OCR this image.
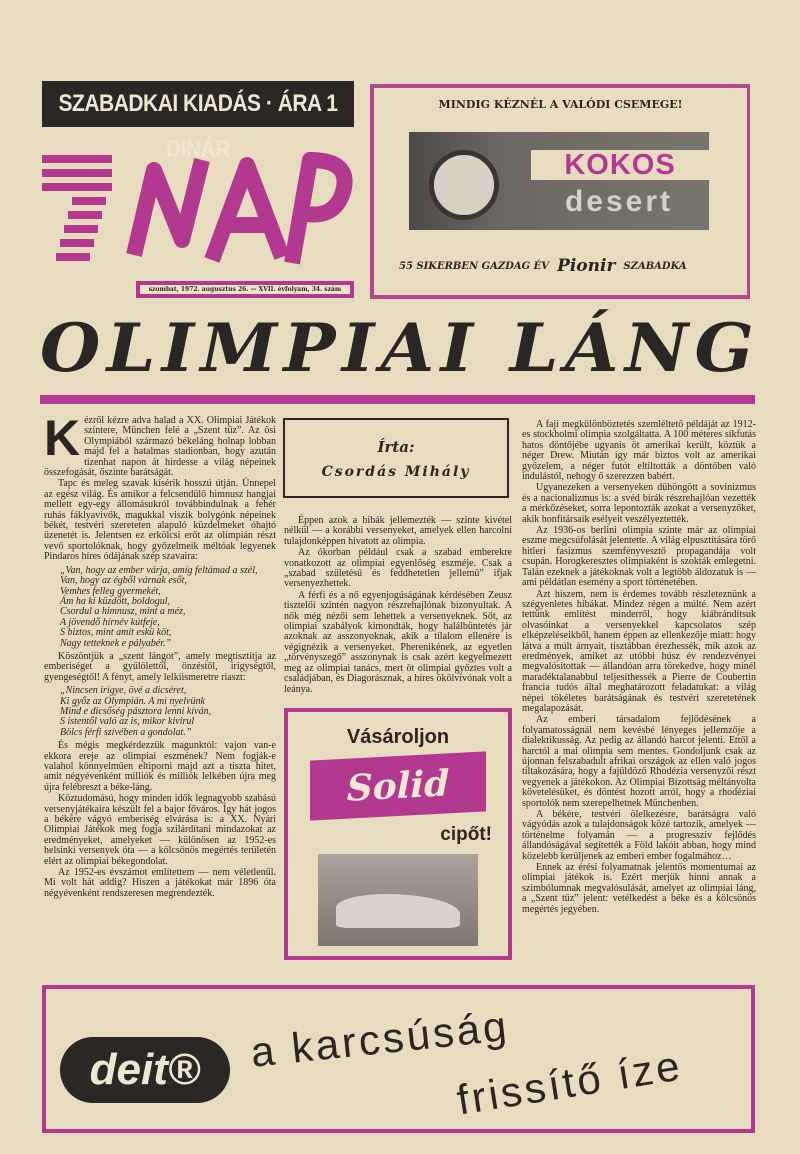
SZABADKAI KIADÁS · ÁRA 1 DINÁR
szombat, 1972. augusztus 26. — XVII. évfolyam, 34. szám
MINDIG KÉZNÉL A VALÓDI CSEMEGE!
KOKOS
desert
55 SIKERBEN GAZDAG ÉV Pionir SZABADKA
OLIMPIAI LÁNG

Kézről kézre adva halad a XX. Olimpiai Játékok színtere, München felé a „Szent tűz”. Az ősi Olympiából származó békeláng holnap lobban majd fel a hatalmas stadionban, hogy azután tizenhat napon át hirdesse a világ népeinek összefogását, őszinte barátságát.

Tapс és meleg szavak kísérik hosszú útján. Ünnepel az egész világ. És amikor a felcsendülő himnusz hangjai mellett egy-egy állomásukról továbbindulnak a fehér ruhás fáklyavivők, magukkal viszik bolygónk népeinek békét, testvéri szereteten alapuló küzdelmeket óhajtó üzenetét is. Jelentsen ez erkölcsi erőt az olimpián részt vevő sportolóknak, hogy győzelmeik méltóak legyenek Pindaros híres ódájának szép szavaira:

„Van, hogy az ember várja, amíg feltámad a szél,
Van, hogy az égből várnak esőt,
Vemhes felleg gyermekét,
Ám ha ki küzdött, boldogul,
Csordul a himnusz, mint a méz,
A jövendő hírnév kútfeje,
S biztos, mint amit eskü köt,
Nagy tetteknek e pályabér.”

Köszöntjük a „szent lángot”, amely megtisztítja az emberiséget a gyűlölettől, önzéstől, irigységtől, gyengeségtől! A fényt, amely lelkiismeretre riaszt:

„Nincsen irigye, övé a dicséret,
Ki győz az Olympián. A mi nyelvünk
Mind e dicsőség pásztora lenni kíván,
S istentől való az is, mikor kivirul
Bölcs férfi szívében a gondolat.”

És mégis megkérdezzük magunktól: vajon van-e ekkora ereje az olimpiai eszmének? Nem fogják-e valahol könnyelműen eltiporni majd azt a tiszta hitet, amit négyévenként milliók és milliók lelkében újra meg újra felébreszt a béke-láng.

Köztudomású, hogy minden idők legnagyobb szabású versenyjátékaira készült fel a bajor főváros. Így hát jogos a békére vágyó emberiség elvárása is: a XX. Nyári Olimpiai Játékok meg fogja szilárdítani mindazokat az eredményeket, amelyeket — különösen az 1952-es helsinki versenyek óta — a kölcsönös megértés területén elért az olimpiai békegondolat.

Az 1952-es évszámot említettem — nem véletlenül. Mi volt hát addig? Hiszen a játékokat már 1896 óta négyévenként rendszeresen megrendezték.

Írta:
Csordás Mihály

Éppen azok a hibák jellemezték — szinte kivétel nélkül — a korábbi versenyeket, amelyek ellen harcolni tulajdonképpen hivatott az olimpia.

Az ókorban például csak a szabad emberekre vonatkozott az olimpiai egyenlőség eszméje. Csak a „szabad születésű és feddhetetlen jellemű” ifjak versenyezhettek.

A férfi és a nő egyenjogúságának kérdésében Zeusz tisztelői szintén nagyon részrehajlónak bizonyultak. A nők még nézői sem lehettek a versenyeknek. Sőt, az olimpiai szabályok kimondták, hogy halálbüntetés jár azoknak az asszonyoknak, akik a tilalom ellenére is végignézik a versenyeket. Pherenikének, az egyetlen „törvényszegő” asszonynak is csak azért kegyelmezett meg az olimpiai tanács, mert öt olimpiai győztes volt a családjában, és Diagorásznak, a híres ökölvívónak volt a leánya.

Vásároljon
Solid
cipőt!

A faji megkülönböztetés szemléltető példáját az 1912-es stockholmi olimpia szolgáltatta. A 100 méteres síkfutás hatos döntőjébe ugyanis öt amerikai került, köztük a néger Drew. Miután így már biztos volt az amerikai győzelem, a néger futót eltiltották a döntőben való indulástól, nehogy ő szerezzen babért.

Ugyanezeken a versenyeken dühöngött a sovinizmus és a nacionalizmus is: a svéd bírák részrehajlóan vezették a mérkőzéseket, sorra lepontozták azokat a versenyzőket, akik honfitársaik esélyeit veszélyeztették.

Az 1936-os berlini olimpia szinte már az olimpiai eszme megcsúfolását jelentette. A világ elpusztítására törő hitleri fasizmus szemfényvesztő propagandája volt csupán. Horogkeresztes olimpiaként is szokták emlegetni. Talán ezeknek a játékoknak volt a legtöbb áldozatuk is — ami példátlan esemény a sport történetében.

Azt hiszem, nem is érdemes tovább részleteznünk a szégyenletes hibákat. Mindez régen a múlté. Nem azért tettünk említést minderről, hogy kiábrándítsuk olvasóinkat a versenyekkel kapcsolatos szép elképzeléseikből, hanem éppen az ellenkezője miatt: hogy látva a múlt árnyait, tisztábban érezhessék, mik azok az eredmények, amiket az utóbbi húsz év rendezvényei megvalósítottak — állandóan arra törekedve, hogy minél maradéktalanabbul teljesíthessék a Pierre de Coubertin francia tudós által meghatározott feladatukat: a világ népei tökéletes barátságának és testvéri szeretetének megalapozását.

Az emberi társadalom fejlődésének a folyamatosságnál nem kevésbé lényeges jellemzője a dialektikusság. Az pedig az állandó harcot jelenti. Ettől a harctól a mai olimpia sem mentes. Gondoljunk csak az újonnan felszabadult afrikai országok az ellen való jogos tiltakozására, hogy a fajüldöző Rhodézia versenyzői részt vegyenek a játékokon. Az Olimpiai Bizottság méltányolta követelésüket, és döntést hozott arról, hogy a rhodéziai sportolók nem szerepelhetnek Münchenben.

A békére, testvéri ölelkezésre, barátságra való vágyódás azok a tulajdonságok közé tartozik, amelyek — történelme folyamán — a progresszív fejlődés állandóságával segítették a Föld lakóit abban, hogy mind közelebb kerüljenek az emberi ember fogalmához…

Ennek az érési folyamatnak jelentős momentumai az olimpiai játékok is. Ezért merjük hinni annak a szimbólumnak megvalósulását, amelyet az olimpiai láng, a „Szent tűz” jelent: vetélkedést a béke és a kölcsönös megértés jegyében.

deit®	a karcsúság
frissítő íze
